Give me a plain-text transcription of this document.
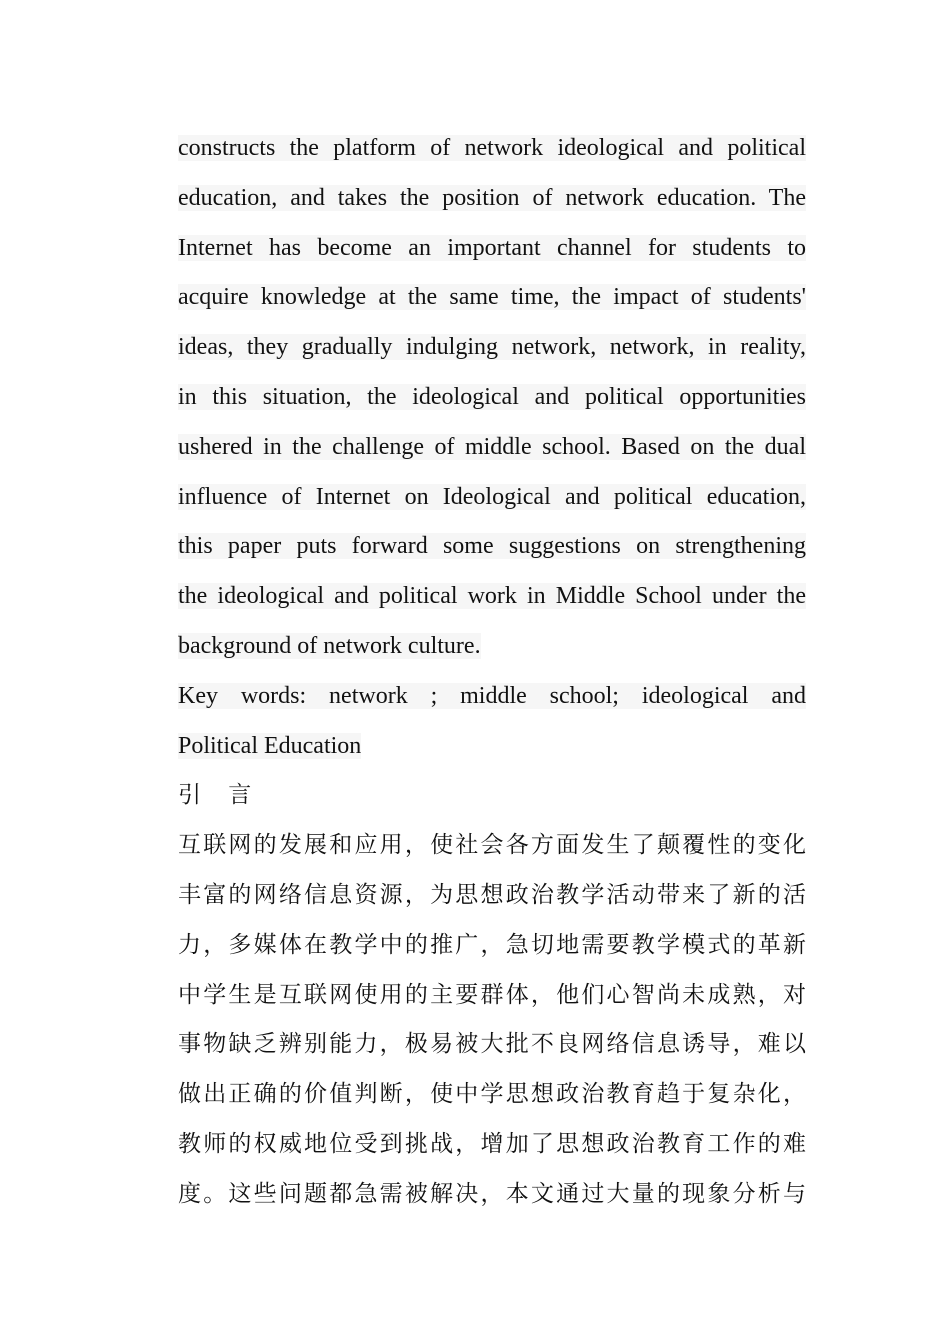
constructs the platform of network ideological and political
education, and takes the position of network education. The
Internet has become an important channel for students to
acquire knowledge at the same time, the impact of students'
ideas, they gradually indulging network, network, in reality,
in this situation, the ideological and political opportunities
ushered in the challenge of middle school. Based on the dual
influence of Internet on Ideological and political education,
this paper puts forward some suggestions on strengthening
the ideological and political work in Middle School under the
background of network culture.
Key words: network ; middle school; ideological and
Political Education
引 言
互联网的发展和应用，使社会各方面发生了颠覆性的变化
丰富的网络信息资源，为思想政治教学活动带来了新的活
力，多媒体在教学中的推广，急切地需要教学模式的革新
中学生是互联网使用的主要群体，他们心智尚未成熟，对
事物缺乏辨别能力，极易被大批不良网络信息诱导，难以
做出正确的价值判断，使中学思想政治教育趋于复杂化，
教师的权威地位受到挑战，增加了思想政治教育工作的难
度。这些问题都急需被解决，本文通过大量的现象分析与
